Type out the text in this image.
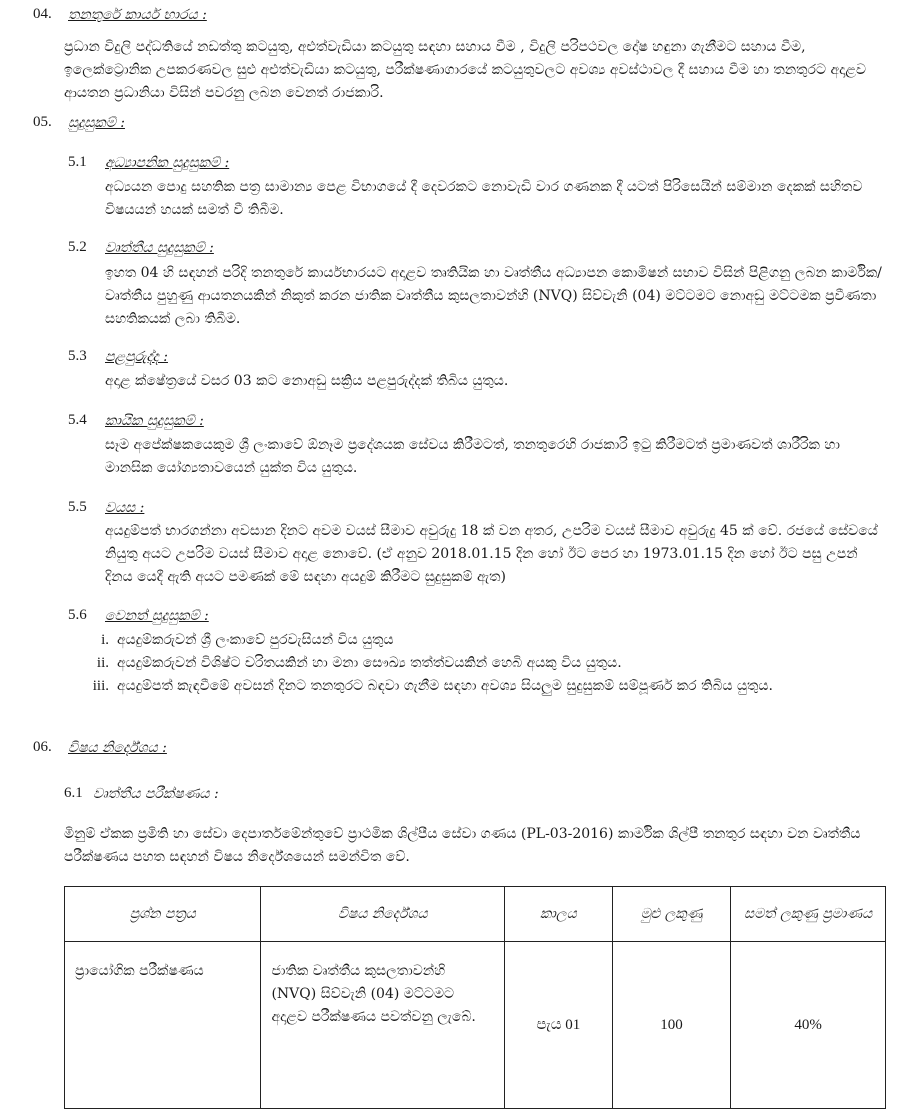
04. තනතුරේ කාර්ය භාරය :
ප්‍රධාන විදුලි පද්ධතියේ නඩත්තු කටයුතු, අළුත්වැඩියා කටයුතු සඳහා සහාය වීම , විදුලි පරිපථවල දෝෂ හඳුනා ගැනීමට සහාය වීම, ඉලෙක්ට්‍රොනික උපකරණවල සුළු අළුත්වැඩියා කටයුතු, පරීක්ෂණාගාරයේ කටයුතුවලට අවශ්‍ය අවස්ථාවල දී සහාය වීම හා තනතුරට අදාළව ආයතන ප්‍රධානියා විසින් පවරනු ලබන වෙනත් රාජකාරි.
05. සුදුසුකම් :
5.1 අධ්‍යාපනික සුදුසුකම් :
අධ්‍යයන පොදු සහතික පත්‍ර සාමාන්‍ය පෙළ විභාගයේ දී දෙවරකට නොවැඩි වාර ගණනක දී යටත් පිරිසෙයින් සම්මාන දෙකක් සහිතව විෂයයන් හයක් සමත් වී තිබීම.
5.2 වෘත්තීය සුදුසුකම් :
ඉහත 04 හි සඳහන් පරිදි තනතුරේ කාර්යභාරයට අදාළව තෘතියික හා වෘත්තීය අධ්‍යාපන කොමිෂන් සභාව විසින් පිළිගනු ලබන කාර්මික/ වෘත්තීය පුහුණු ආයතනයකින් නිකුත් කරන ජාතික වෘත්තීය කුසලතාවන්හි (NVQ) සිව්වැනි (04) මට්ටමට නොඅඩු මට්ටමක ප්‍රවීණතා සහතිකයක් ලබා තිබීම.
5.3 පළපුරුද්ද :
අදාළ ක්ෂේත්‍රයේ වසර 03 කට නොඅඩු සක්‍රිය පළපුරුද්දක් තිබිය යුතුය.
5.4 කායික සුදුසුකම් :
සෑම අපේක්ෂකයෙකුම ශ්‍රී ලංකාවේ ඕනෑම ප්‍රදේශයක සේවය කිරීමටත්, තනතුරෙහි රාජකාරි ඉටු කිරීමටත් ප්‍රමාණවත් ශාරීරික හා මානසික යෝග්‍යතාවයෙන් යුක්ත විය යුතුය.
5.5 වයස :
අයදුම්පත් භාරගන්නා අවසාන දිනට අවම වයස් සීමාව අවුරුදු 18 ක් වන අතර, උපරිම වයස් සීමාව අවුරුදු 45 ක් වේ. රජයේ සේවයේ නියුතු අයට උපරිම වයස් සීමාව අදාළ නොවේ. (ඒ අනුව 2018.01.15 දින හෝ ඊට පෙර හා 1973.01.15 දින හෝ ඊට පසු උපන් දිනය යෙදී ඇති අයට පමණක් මේ සඳහා අයදුම් කිරීමට සුදුසුකම් ඇත)
5.6 වෙනත් සුදුසුකම් :
i. අයදුම්කරුවන් ශ්‍රී ලංකාවේ පුරවැසියන් විය යුතුය
ii. අයදුම්කරුවන් විශිෂ්ට චරිතයකින් හා මනා සෞඛ්‍ය තත්ත්වයකින් හෙබි අයකු විය යුතුය.
iii. අයදුම්පත් කැඳවීමේ අවසන් දිනට තනතුරට බඳවා ගැනීම සඳහා අවශ්‍ය සියලුම සුදුසුකම් සම්පූර්ණ කර තිබිය යුතුය.
06. විෂය නිර්දේශය :
6.1 වෘත්තීය පරීක්ෂණය :
මිනුම් ඒකක ප්‍රමිති හා සේවා දෙපාර්තමේන්තුවේ ප්‍රාථමික ශිල්පීය සේවා ගණය (PL-03-2016) කාර්මික ශිල්පී තනතුර සඳහා වන වෘත්තීය පරීක්ෂණය පහත සඳහන් විෂය නිර්දේශයෙන් සමන්විත වේ.
ප්‍රශ්න පත්‍රය	විෂය නිර්දේශය	කාලය	මුළු ලකුණු	සමත් ලකුණු ප්‍රමාණය
ප්‍රායෝගික පරීක්ෂණය	ජාතික වෘත්තීය කුසලතාවන්හි (NVQ) සිව්වැනි (04) මට්ටමට අදාළව පරීක්ෂණය පවත්වනු ලැබේ.	පැය 01	100	40%
